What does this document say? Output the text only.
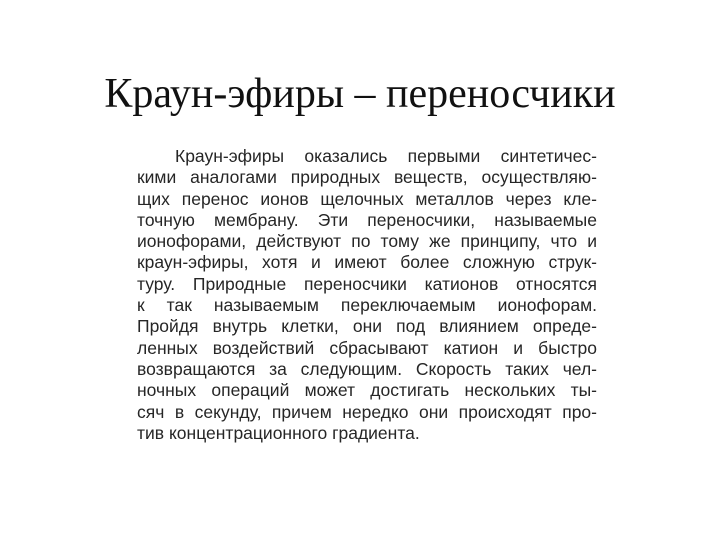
Краун-эфиры – переносчики
Краун-эфиры оказались первыми синтетичес-
кими аналогами природных веществ, осуществляю-
щих перенос ионов щелочных металлов через кле-
точную мембрану. Эти переносчики, называемые
ионофорами, действуют по тому же принципу, что и
краун-эфиры, хотя и имеют более сложную струк-
туру. Природные переносчики катионов относятся
к так называемым переключаемым ионофорам.
Пройдя внутрь клетки, они под влиянием опреде-
ленных воздействий сбрасывают катион и быстро
возвращаются за следующим. Скорость таких чел-
ночных операций может достигать нескольких ты-
сяч в секунду, причем нередко они происходят про-
тив концентрационного градиента.
